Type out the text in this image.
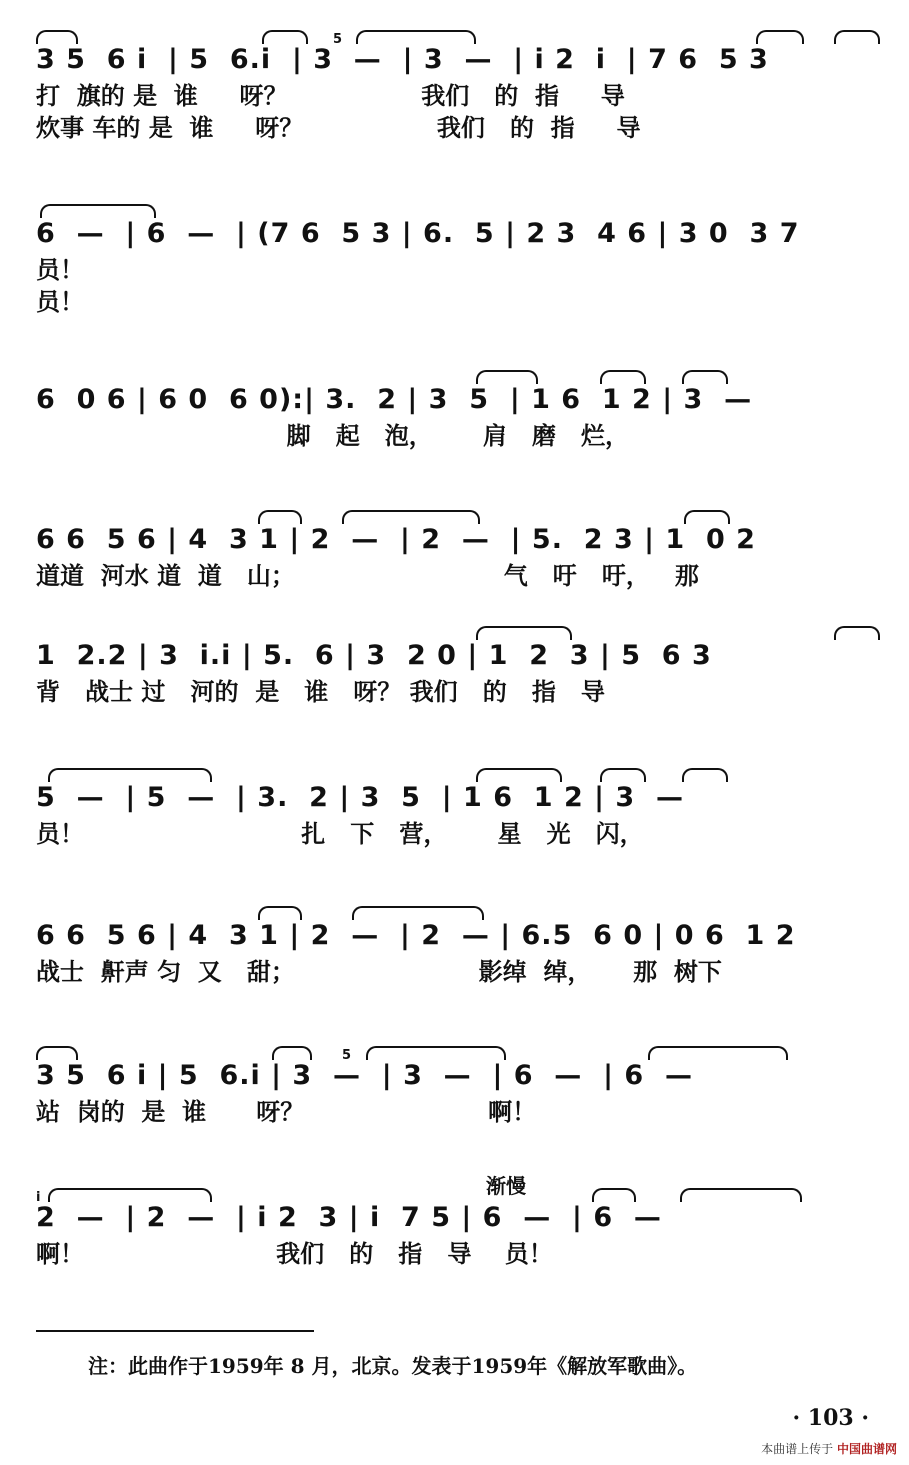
3 5  6 i  | 5  6.i  | 3  —  | 3  —  | i 2  i  | 7 6  5 3
5
打  旗的 是  谁     呀？                我们   的  指     导
炊事 车的 是  谁     呀？                我们   的  指     导
6  —  | 6  —  | (7 6  5 3 | 6.  5 | 2 3  4 6 | 3 0  3 7
员！
员！
6  0 6 | 6 0  6 0):| 3.  2 | 3  5  | 1 6  1 2 | 3  —
脚   起   泡，      肩   磨   烂，
6 6  5 6 | 4  3 1 | 2  —  | 2  —  | 5.  2 3 | 1  0 2
道道  河水 道  道   山；                         气   吁   吁，   那
1  2.2 | 3  i.i | 5.  6 | 3  2 0 | 1  2  3 | 5  6 3
背   战士 过   河的  是   谁   呀？ 我们   的   指   导
5  —  | 5  —  | 3.  2 | 3  5  | 1 6  1 2 | 3  —
员！                          扎   下   营，      星   光   闪，
6 6  5 6 | 4  3 1 | 2  —  | 2  — | 6.5  6 0 | 0 6  1 2
战士  鼾声 匀  又   甜；                      影绰  绰，     那  树下
3 5  6 i | 5  6.i | 3  —  | 3  —  | 6  —  | 6  —
5
站  岗的  是  谁      呀？                      啊！
渐慢
2  —  | 2  —  | i 2  3 | i  7 5 | 6  —  | 6  —
i
啊！                       我们   的   指   导    员！
注：此曲作于1959年 8 月，北京。发表于1959年《解放军歌曲》。
· 103 ·
本曲谱上传于 中国曲谱网
